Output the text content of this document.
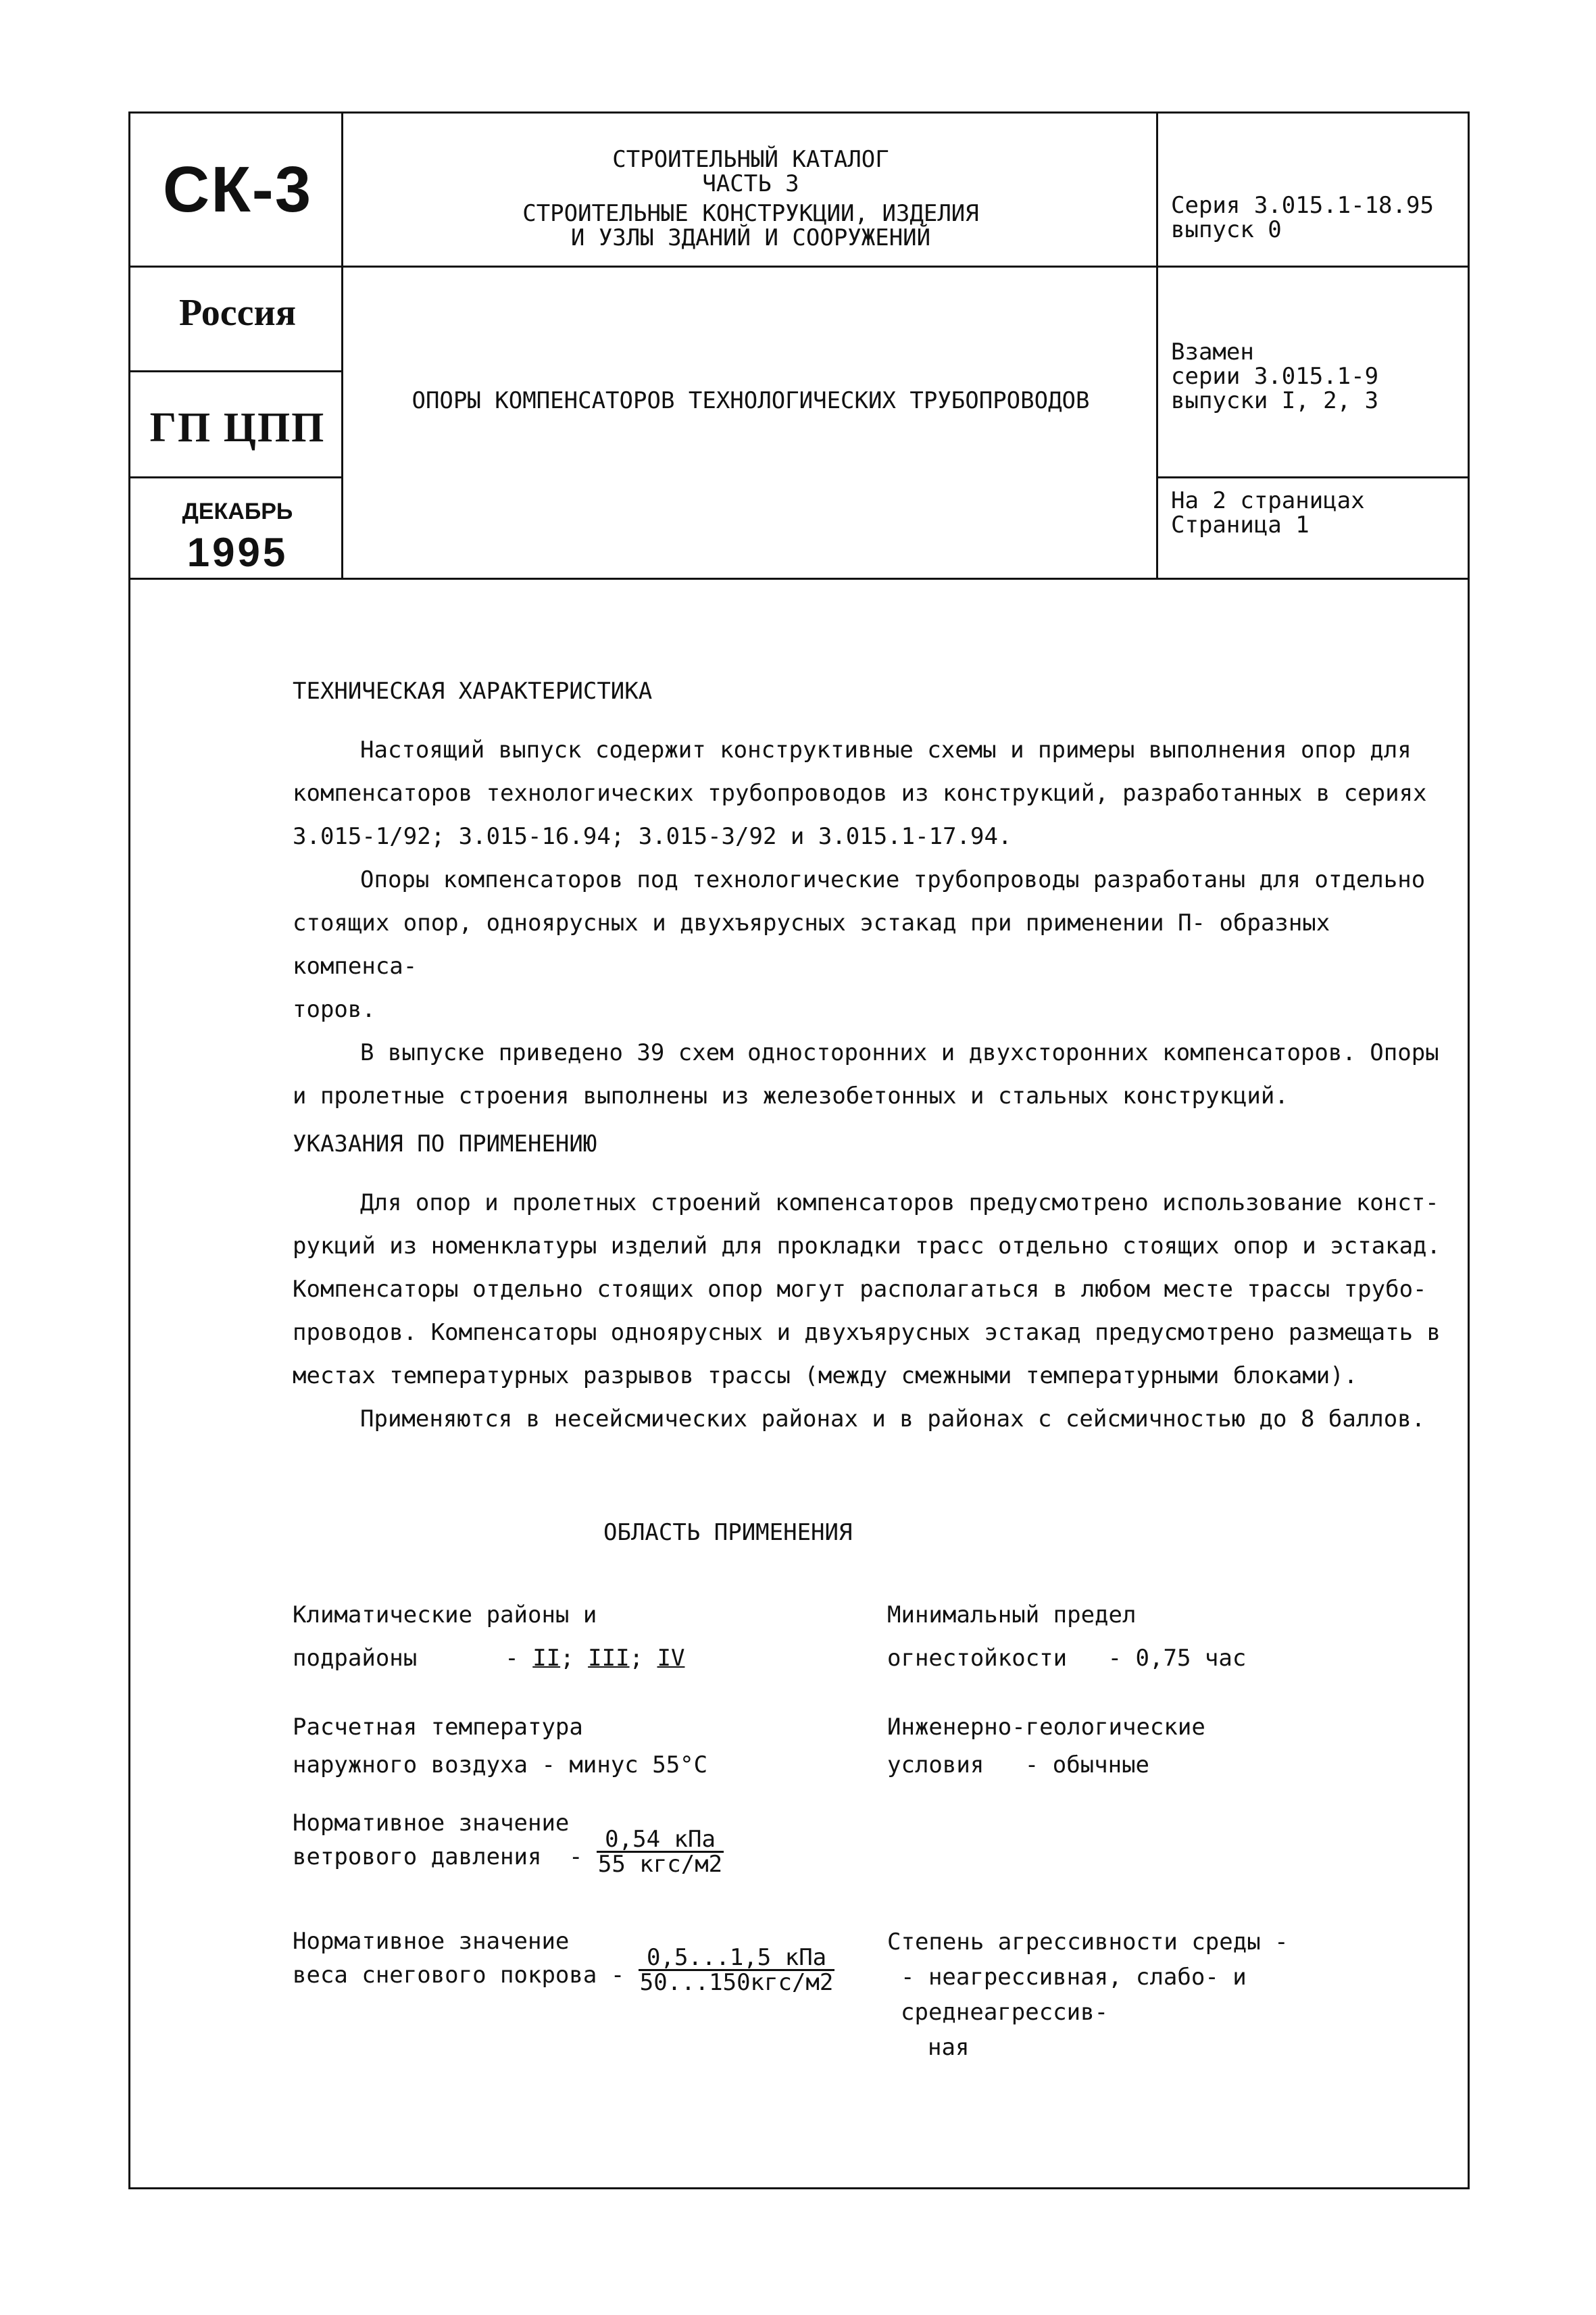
СК-3
Россия
ГП ЦПП
ДЕКАБРЬ
1995
СТРОИТЕЛЬНЫЙ КАТАЛОГ
ЧАСТЬ 3
СТРОИТЕЛЬНЫЕ КОНСТРУКЦИИ, ИЗДЕЛИЯ
И УЗЛЫ ЗДАНИЙ И СООРУЖЕНИЙ
ОПОРЫ КОМПЕНСАТОРОВ ТЕХНОЛОГИЧЕСКИХ ТРУБОПРОВОДОВ
Серия 3.015.1-18.95
выпуск 0
Взамен
серии 3.015.1-9
выпуски I, 2, 3
На 2 страницах
Страница 1
ТЕХНИЧЕСКАЯ ХАРАКТЕРИСТИКА
Настоящий выпуск содержит конструктивные схемы и примеры выполнения опор для
компенсаторов технологических трубопроводов из конструкций, разработанных в сериях
3.015-1/92; 3.015-16.94; 3.015-3/92 и 3.015.1-17.94.
Опоры компенсаторов под технологические трубопроводы разработаны для отдельно
стоящих опор, одноярусных и двухъярусных эстакад при применении П- образных компенса-
торов.
В выпуске приведено 39 схем односторонних и двухсторонних компенсаторов. Опоры
и пролетные строения выполнены из железобетонных и стальных конструкций.
УКАЗАНИЯ ПО ПРИМЕНЕНИЮ
Для опор и пролетных строений компенсаторов предусмотрено использование конст-
рукций из номенклатуры изделий для прокладки трасс отдельно стоящих опор и эстакад.
Компенсаторы отдельно стоящих опор могут располагаться в любом месте трассы трубо-
проводов. Компенсаторы одноярусных и двухъярусных эстакад предусмотрено размещать в
местах температурных разрывов трассы (между смежными температурными блоками).
Применяются в несейсмических районах и в районах с сейсмичностью до 8 баллов.
ОБЛАСТЬ ПРИМЕНЕНИЯ
Климатические районы и
подрайоны	- II; III; IV
Расчетная температура
наружного воздуха - минус 55°С
Нормативное значение
ветрового давления - $\frac{\text{0,54 кПа}}{\text{55 кгс/м2}}$
Нормативное значение
веса снегового покрова - $\frac{\text{0,5...1,5 кПа}}{\text{50...150кгс/м2}}$
Минимальный предел
огнестойкости - 0,75 час
Инженерно-геологические
условия - обычные
Степень агрессивности среды -
- неагрессивная, слабо- и среднеагрессив-
ная
